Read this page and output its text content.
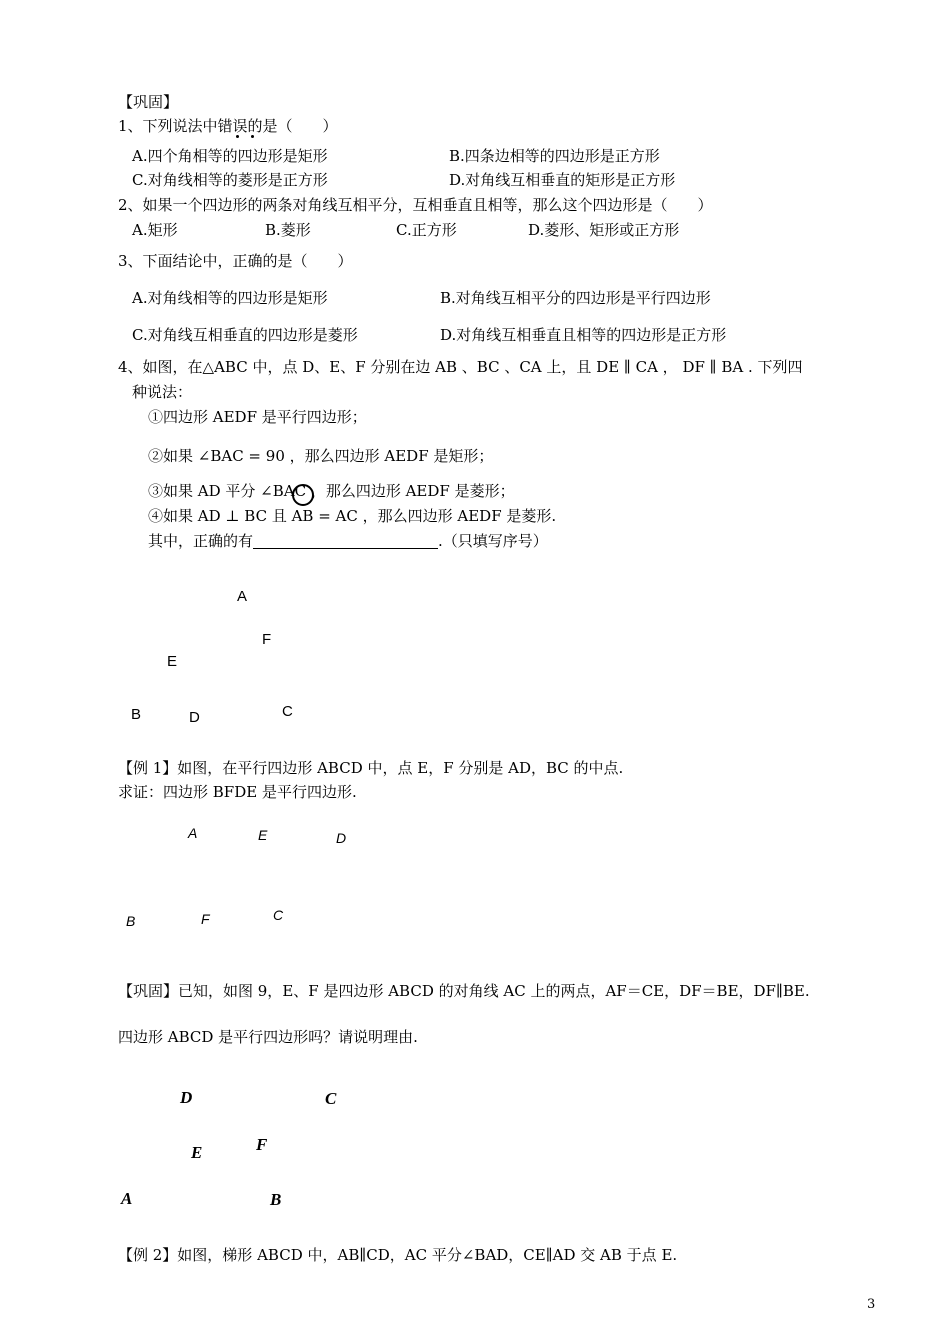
【巩固】
1、下列说法中错误的是（　　）
A.四个角相等的四边形是矩形	B.四条边相等的四边形是正方形
C.对角线相等的菱形是正方形	D.对角线互相垂直的矩形是正方形
2、如果一个四边形的两条对角线互相平分，互相垂直且相等，那么这个四边形是（　　）
A.矩形	B.菱形	C.正方形	D.菱形、矩形或正方形
3、下面结论中，正确的是（　　）
A.对角线相等的四边形是矩形	B.对角线互相平分的四边形是平行四边形
C.对角线互相垂直的四边形是菱形	D.对角线互相垂直且相等的四边形是正方形
4、如图，在△ABC 中，点 D、E、F 分别在边 AB 、BC 、CA 上，且 DE ∥ CA ， DF ∥ BA . 下列四
种说法：
①四边形 AEDF 是平行四边形；
②如果 ∠BAC = 90 ，那么四边形 AEDF 是矩形；
③如果 AD 平分 ∠BAC ，那么四边形 AEDF 是菱形；
④如果 AD ⊥ BC 且 AB = AC ，那么四边形 AEDF 是菱形.
其中，正确的有	.（只填写序号）
A
F
E
B	D	C
【例 1】如图，在平行四边形 ABCD 中，点 E，F 分别是 AD，BC 的中点.
求证：四边形 BFDE 是平行四边形.
A	E	D
B	F	C
【巩固】已知，如图 9，E、F 是四边形 ABCD 的对角线 AC 上的两点，AF＝CE，DF＝BE，DF∥BE.
四边形 ABCD 是平行四边形吗？请说明理由.
D	C
E	F
A	B
【例 2】如图，梯形 ABCD 中，AB∥CD，AC 平分∠BAD，CE∥AD 交 AB 于点 E.
3
